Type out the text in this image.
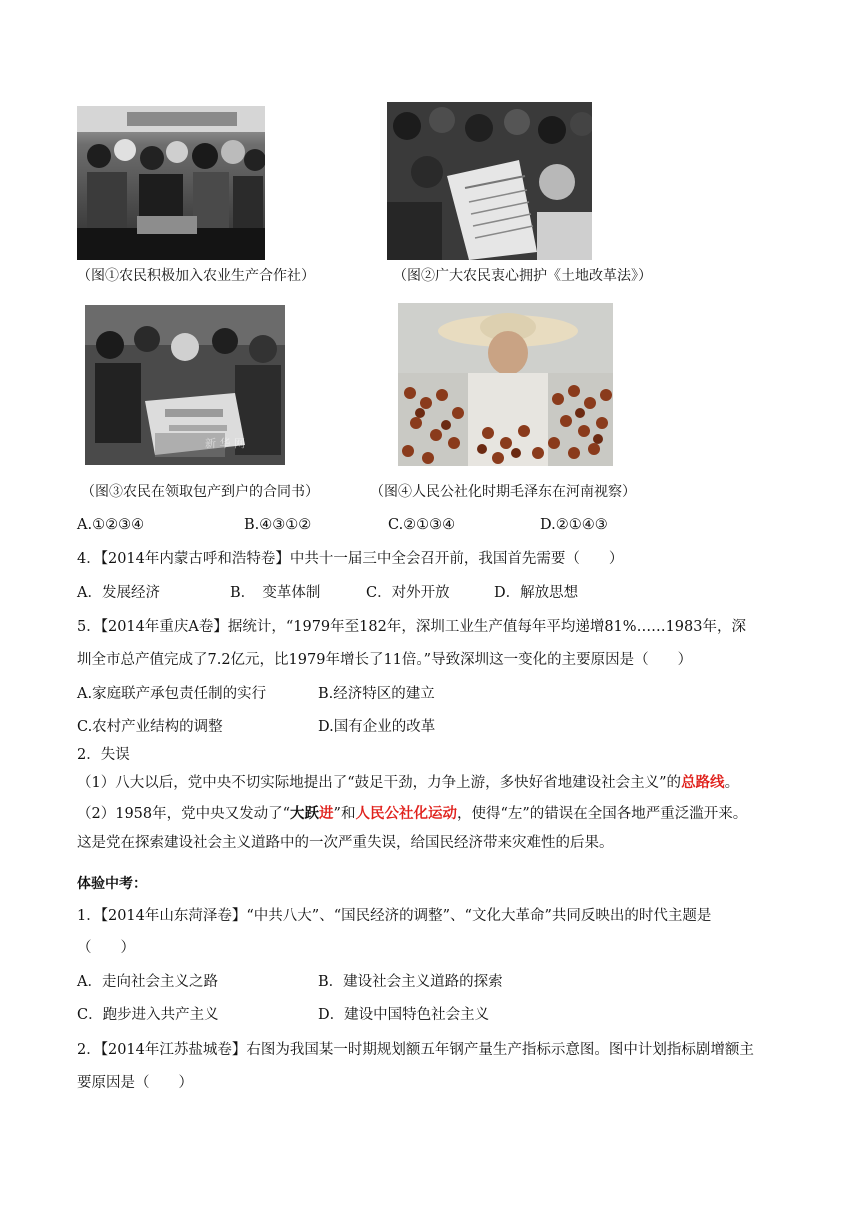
（图①农民积极加入农业生产合作社）	（图②广大农民衷心拥护《土地改革法》）
新 华 网
（图③农民在领取包产到户的合同书）	（图④人民公社化时期毛泽东在河南视察）
A.①②③④	B.④③①②	C.②①③④	D.②①④③
4．【2014年内蒙古呼和浩特卷】中共十一届三中全会召开前，我国首先需要（　　）
A．发展经济	B．　变革体制	C．对外开放	D．解放思想
5．【2014年重庆A卷】据统计，“1979年至182年，深圳工业生产值每年平均递增81%……1983年，深
圳全市总产值完成了7.2亿元，比1979年增长了11倍。”导致深圳这一变化的主要原因是（　　）
A.家庭联产承包责任制的实行	B.经济特区的建立
C.农村产业结构的调整	D.国有企业的改革
2．失误
（1）八大以后，党中央不切实际地提出了“鼓足干劲，力争上游，多快好省地建设社会主义”的总路线。
（2）1958年，党中央又发动了“大跃进”和人民公社化运动，使得“左”的错误在全国各地严重泛滥开来。
这是党在探索建设社会主义道路中的一次严重失误，给国民经济带来灾难性的后果。
体验中考：
1．【2014年山东菏泽卷】“中共八大”、“国民经济的调整”、“文化大革命”共同反映出的时代主题是
（　　）
A．走向社会主义之路	B．建设社会主义道路的探索
C．跑步进入共产主义	D．建设中国特色社会主义
2．【2014年江苏盐城卷】右图为我国某一时期规划额五年钢产量生产指标示意图。图中计划指标剧增额主
要原因是（　　）
